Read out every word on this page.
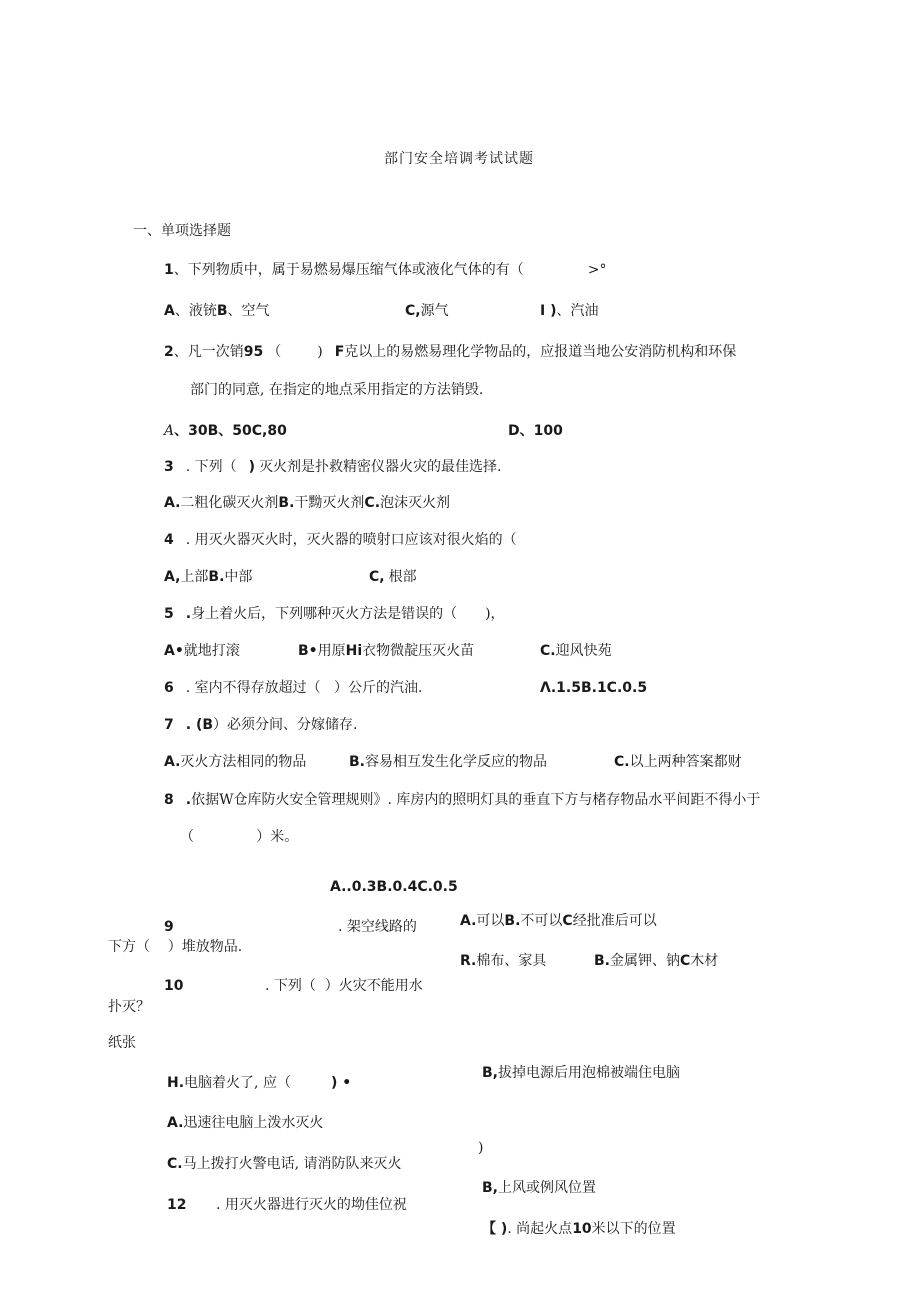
部门安全培调考试试题
一、单项选择题
1、下列物质中，属于易燃易爆压缩气体或液化气体的有（	>°
A、液铳B、空气	C,源气	I )、汽油
2、凡一次销95 （	) F克以上的易燃易理化学物品的，应报道当地公安消防机构和环保
部门的同意, 在指定的地点采用指定的方法销毁.
A、30B、50C,80	D、100
3 . 下列（ ) 灭火剂是扑救精密仪器火灾的最佳选择.
A.二粗化碳灭火剂B.干黝灭火剂C.泡沫灭火剂
4 . 用灭火器灭火时，灭火器的喷射口应该对很火焰的（
A,上部B.中部	C, 根部
5 .身上着火后，下列哪种灭火方法是错误的（ )，
A•就地打滚	B•用原Hi衣物微靛压灭火苗	C.迎风快苑
6 . 室内不得存放超过（   ）公斤的汽油.	Λ.1.5B.1C.0.5
7 . (B）必须分间、分嫁储存.
A.灭火方法相同的物品	B.容易相互发生化学反应的物品	C.以上两种答案都财
8 .依据W仓库防火安全管理规则》. 库房内的照明灯具的垂直下方与楮存物品水平间距不得小于
（              ）米。
A..0.3B.0.4C.0.5
9	. 架空线路的
下方（    ）堆放物品.
A.可以B.不可以C经批准后可以
R.棉布、家具	B.金属钾、钠C木材
10	. 下列（  ）火灾不能用水
扑灭？
纸张
B,拔掉电源后用泡棉被端住电脑
H.电脑着火了, 应（	) •
A.迅速往电脑上泼水灭火
)
C.马上拨打火警电话, 请消防队来灭火
B,上风或例风位置
12 . 用灭火器进行灭火的坳佳位祝
【 ). 尚起火点10米以下的位置
